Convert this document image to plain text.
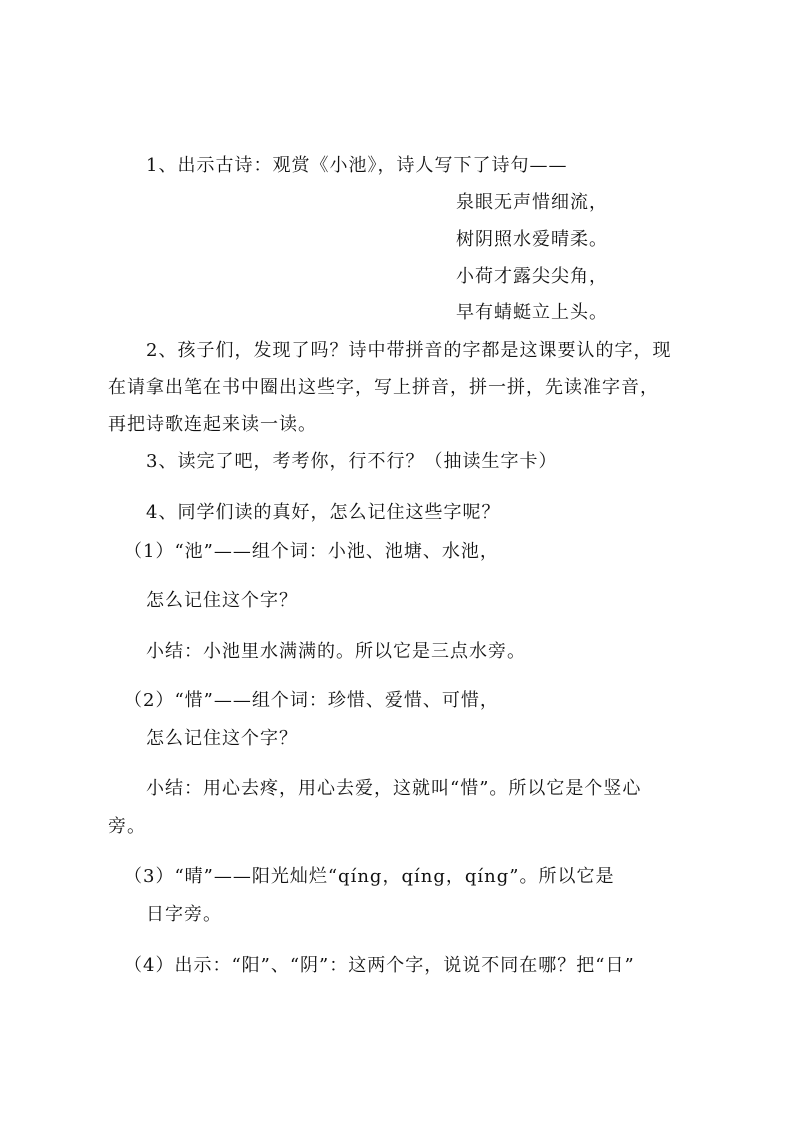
1、出示古诗：观赏《小池》，诗人写下了诗句——
泉眼无声惜细流，
树阴照水爱晴柔。
小荷才露尖尖角，
早有蜻蜓立上头。
2、孩子们，发现了吗？诗中带拼音的字都是这课要认的字，现
在请拿出笔在书中圈出这些字，写上拼音，拼一拼，先读准字音，
再把诗歌连起来读一读。
3、读完了吧，考考你，行不行？（抽读生字卡）
4、同学们读的真好，怎么记住这些字呢？
（1）“池”——组个词：小池、池塘、水池，
怎么记住这个字？
小结：小池里水满满的。所以它是三点水旁。
（2）“惜”——组个词：珍惜、爱惜、可惜，
怎么记住这个字？
小结：用心去疼，用心去爱，这就叫“惜”。所以它是个竖心
旁。
（3）“晴”——阳光灿烂“qíng，qíng，qíng”。所以它是
日字旁。
（4）出示：“阳”、“阴”：这两个字，说说不同在哪？把“日”
